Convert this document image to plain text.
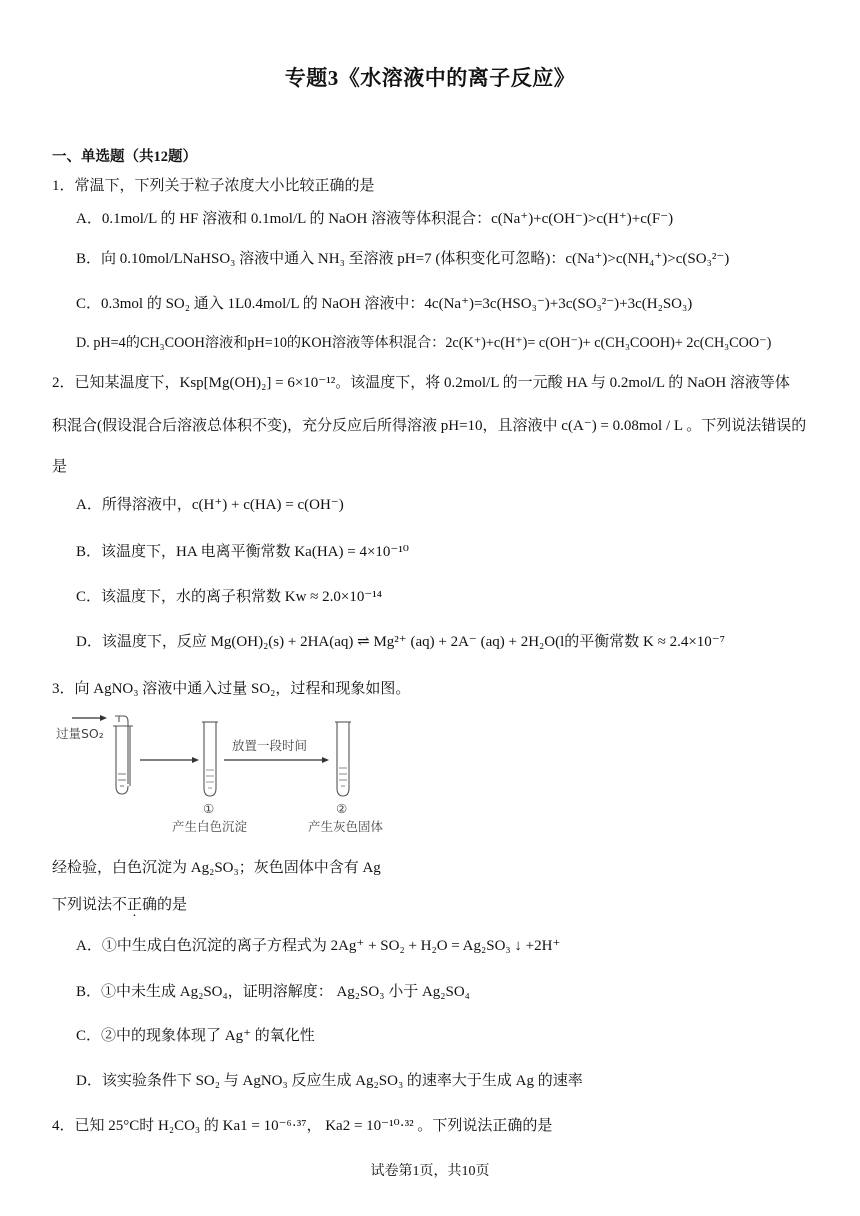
专题3《水溶液中的离子反应》
一、单选题（共12题）
1．常温下，下列关于粒子浓度大小比较正确的是
A．0.1mol/L 的 HF 溶液和 0.1mol/L 的 NaOH 溶液等体积混合：c(Na⁺)+c(OH⁻)>c(H⁺)+c(F⁻)
B．向 0.10mol/LNaHSO₃ 溶液中通入 NH₃ 至溶液 pH=7 (体积变化可忽略)：c(Na⁺)>c(NH₄⁺)>c(SO₃²⁻)
C．0.3mol 的 SO₂ 通入 1L0.4mol/L 的 NaOH 溶液中：4c(Na⁺)=3c(HSO₃⁻)+3c(SO₃²⁻)+3c(H₂SO₃)
D. pH=4的CH₃COOH溶液和pH=10的KOH溶液等体积混合：2c(K⁺)+c(H⁺)= c(OH⁻)+ c(CH₃COOH)+ 2c(CH₃COO⁻)
2．已知某温度下，Ksp[Mg(OH)₂] = 6×10⁻¹²。该温度下，将 0.2mol/L 的一元酸 HA 与 0.2mol/L 的 NaOH 溶液等体
积混合(假设混合后溶液总体积不变)，充分反应后所得溶液 pH=10，且溶液中 c(A⁻) = 0.08mol / L 。下列说法错误的
是
A．所得溶液中，c(H⁺) + c(HA) = c(OH⁻)
B．该温度下，HA 电离平衡常数 Ka(HA) = 4×10⁻¹⁰
C．该温度下，水的离子积常数 Kw ≈ 2.0×10⁻¹⁴
D．该温度下，反应 Mg(OH)₂(s) + 2HA(aq) ⇌ Mg²⁺ (aq) + 2A⁻ (aq) + 2H₂O(l的平衡常数 K ≈ 2.4×10⁻⁷
3．向 AgNO₃ 溶液中通入过量 SO₂，过程和现象如图。
过量SO₂
①
产生白色沉淀
放置一段时间
②
产生灰色固体
经检验，白色沉淀为 Ag₂SO₃；灰色固体中含有 Ag
下列说法不正确的是
A．①中生成白色沉淀的离子方程式为 2Ag⁺ + SO₂ + H₂O = Ag₂SO₃ ↓ +2H⁺
B．①中未生成 Ag₂SO₄，证明溶解度： Ag₂SO₃ 小于 Ag₂SO₄
C．②中的现象体现了 Ag⁺ 的氧化性
D．该实验条件下 SO₂ 与 AgNO₃ 反应生成 Ag₂SO₃ 的速率大于生成 Ag 的速率
4．已知 25°C时 H₂CO₃ 的 Ka1 = 10⁻⁶·³⁷， Ka2 = 10⁻¹⁰·³² 。下列说法正确的是
试卷第1页，共10页
